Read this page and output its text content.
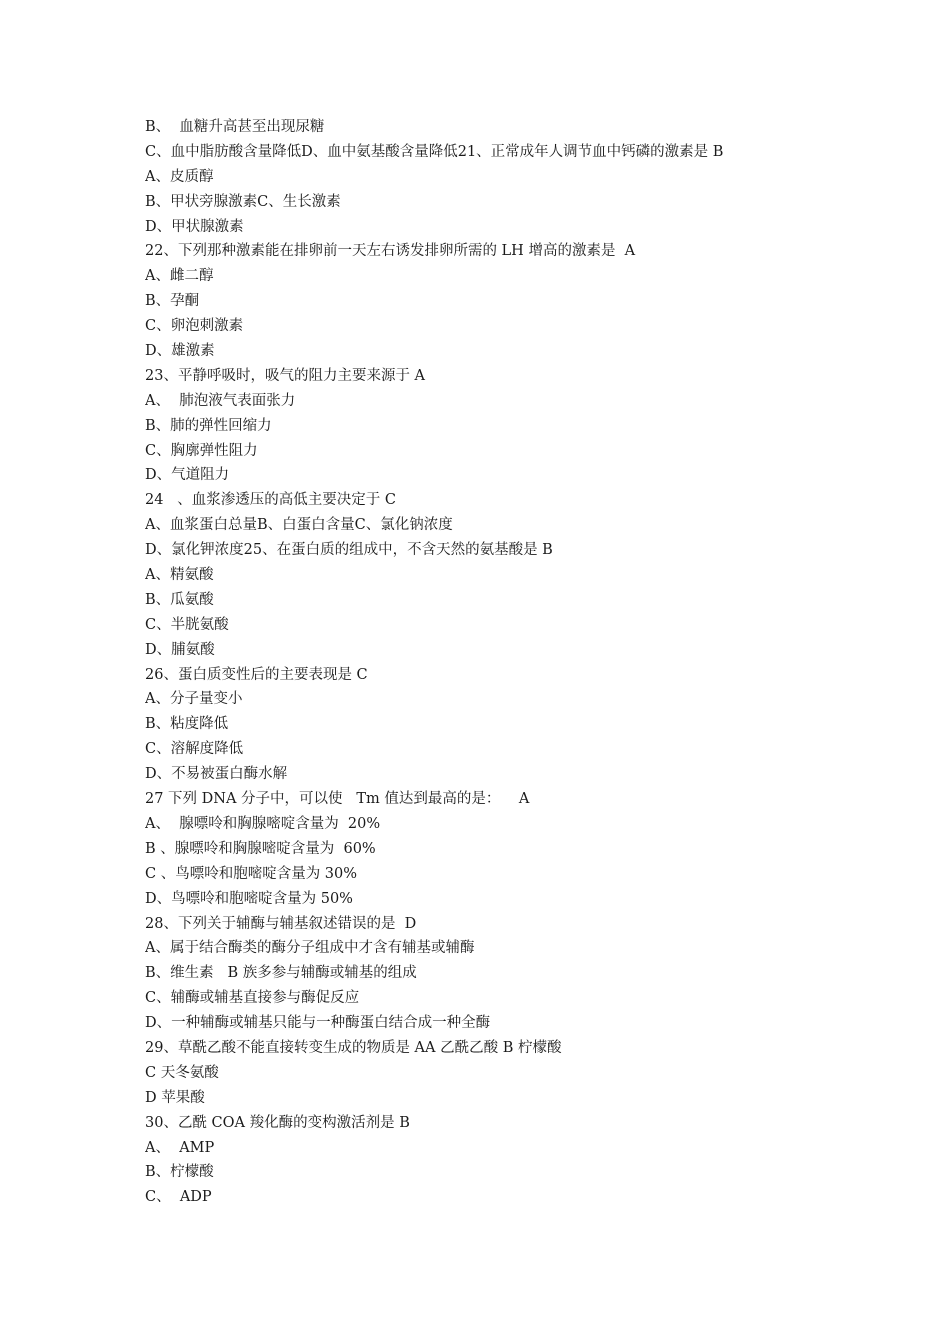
B、  血糖升高甚至出现尿糖
C、血中脂肪酸含量降低D、血中氨基酸含量降低21、正常成年人调节血中钙磷的激素是 B
A、皮质醇
B、甲状旁腺激素C、生长激素
D、甲状腺激素
22、下列那种激素能在排卵前一天左右诱发排卵所需的 LH 增高的激素是  A
A、雌二醇
B、孕酮
C、卵泡刺激素
D、雄激素
23、平静呼吸时，吸气的阻力主要来源于 A
A、  肺泡液气表面张力
B、肺的弹性回缩力
C、胸廓弹性阻力
D、气道阻力
24   、血浆渗透压的高低主要决定于 C
A、血浆蛋白总量B、白蛋白含量C、氯化钠浓度
D、氯化钾浓度25、在蛋白质的组成中，不含天然的氨基酸是 B
A、精氨酸
B、瓜氨酸
C、半胱氨酸
D、脯氨酸
26、蛋白质变性后的主要表现是 C
A、分子量变小
B、粘度降低
C、溶解度降低
D、不易被蛋白酶水解
27 下列 DNA 分子中，可以使   Tm 值达到最高的是：    A
A、  腺嘌呤和胸腺嘧啶含量为  20%
B 、腺嘌呤和胸腺嘧啶含量为  60%
C 、鸟嘌呤和胞嘧啶含量为 30%
D、鸟嘌呤和胞嘧啶含量为 50%
28、下列关于辅酶与辅基叙述错误的是  D
A、属于结合酶类的酶分子组成中才含有辅基或辅酶
B、维生素   B 族多参与辅酶或辅基的组成
C、辅酶或辅基直接参与酶促反应
D、一种辅酶或辅基只能与一种酶蛋白结合成一种全酶
29、草酰乙酸不能直接转变生成的物质是 AA 乙酰乙酸 B 柠檬酸
C 天冬氨酸
D 苹果酸
30、乙酰 COA 羧化酶的变构激活剂是 B
A、  AMP
B、柠檬酸
C、  ADP
